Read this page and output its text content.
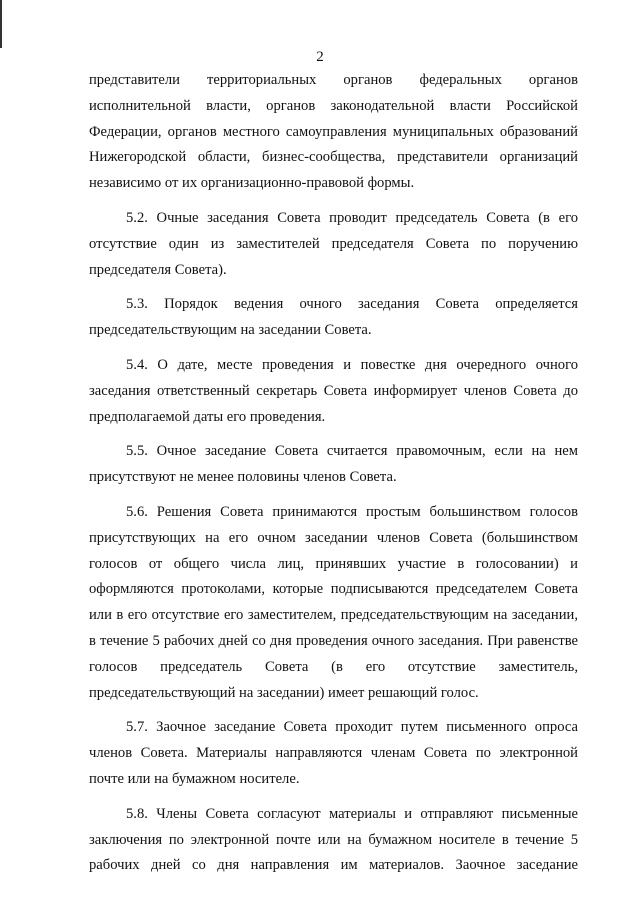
2

представители территориальных органов федеральных органов исполнительной власти, органов законодательной власти Российской Федерации, органов местного самоуправления муниципальных образований Нижегородской области, бизнес-сообщества, представители организаций независимо от их организационно-правовой формы.

5.2. Очные заседания Совета проводит председатель Совета (в его отсутствие один из заместителей председателя Совета по поручению председателя Совета).

5.3. Порядок ведения очного заседания Совета определяется председательствующим на заседании Совета.

5.4. О дате, месте проведения и повестке дня очередного очного заседания ответственный секретарь Совета информирует членов Совета до предполагаемой даты его проведения.

5.5. Очное заседание Совета считается правомочным, если на нем присутствуют не менее половины членов Совета.

5.6. Решения Совета принимаются простым большинством голосов присутствующих на его очном заседании членов Совета (большинством голосов от общего числа лиц, принявших участие в голосовании) и оформляются протоколами, которые подписываются председателем Совета или в его отсутствие его заместителем, председательствующим на заседании, в течение 5 рабочих дней со дня проведения очного заседания. При равенстве голосов председатель Совета (в его отсутствие заместитель, председательствующий на заседании) имеет решающий голос.

5.7. Заочное заседание Совета проходит путем письменного опроса членов Совета. Материалы направляются членам Совета по электронной почте или на бумажном носителе.

5.8. Члены Совета согласуют материалы и отправляют письменные заключения по электронной почте или на бумажном носителе в течение 5 рабочих дней со дня направления им материалов. Заочное заседание
